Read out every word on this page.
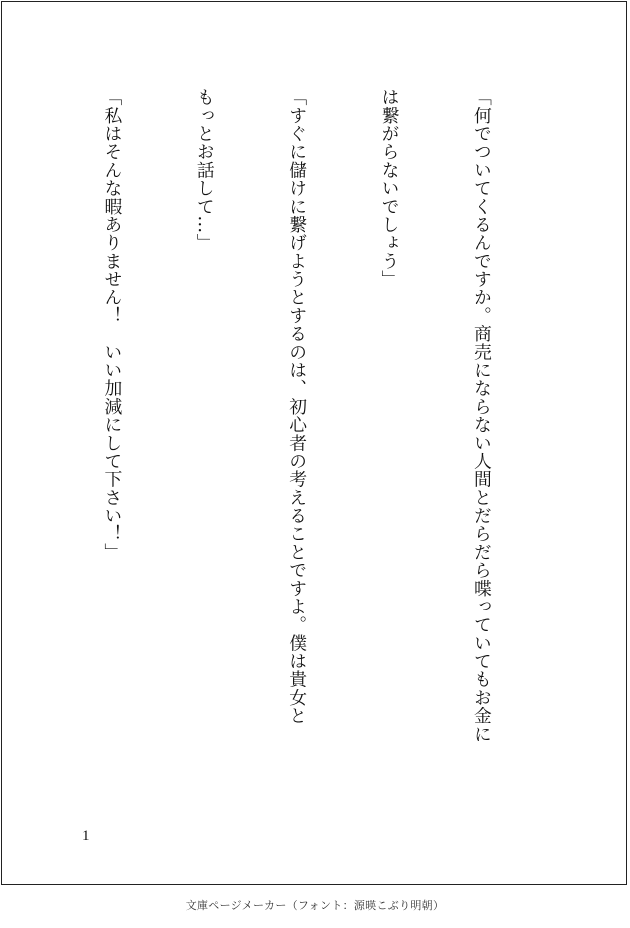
「何でついてくるんですか。商売にならない人間とだらだら喋っていてもお金に

は繋がらないでしょう」

「すぐに儲けに繋げようとするのは、初心者の考えることですよ。僕は貴女と

もっとお話して…」

「私はそんな暇ありません！　いい加減にして下さい！」

1
文庫ページメーカー（フォント：源暎こぶり明朝）
